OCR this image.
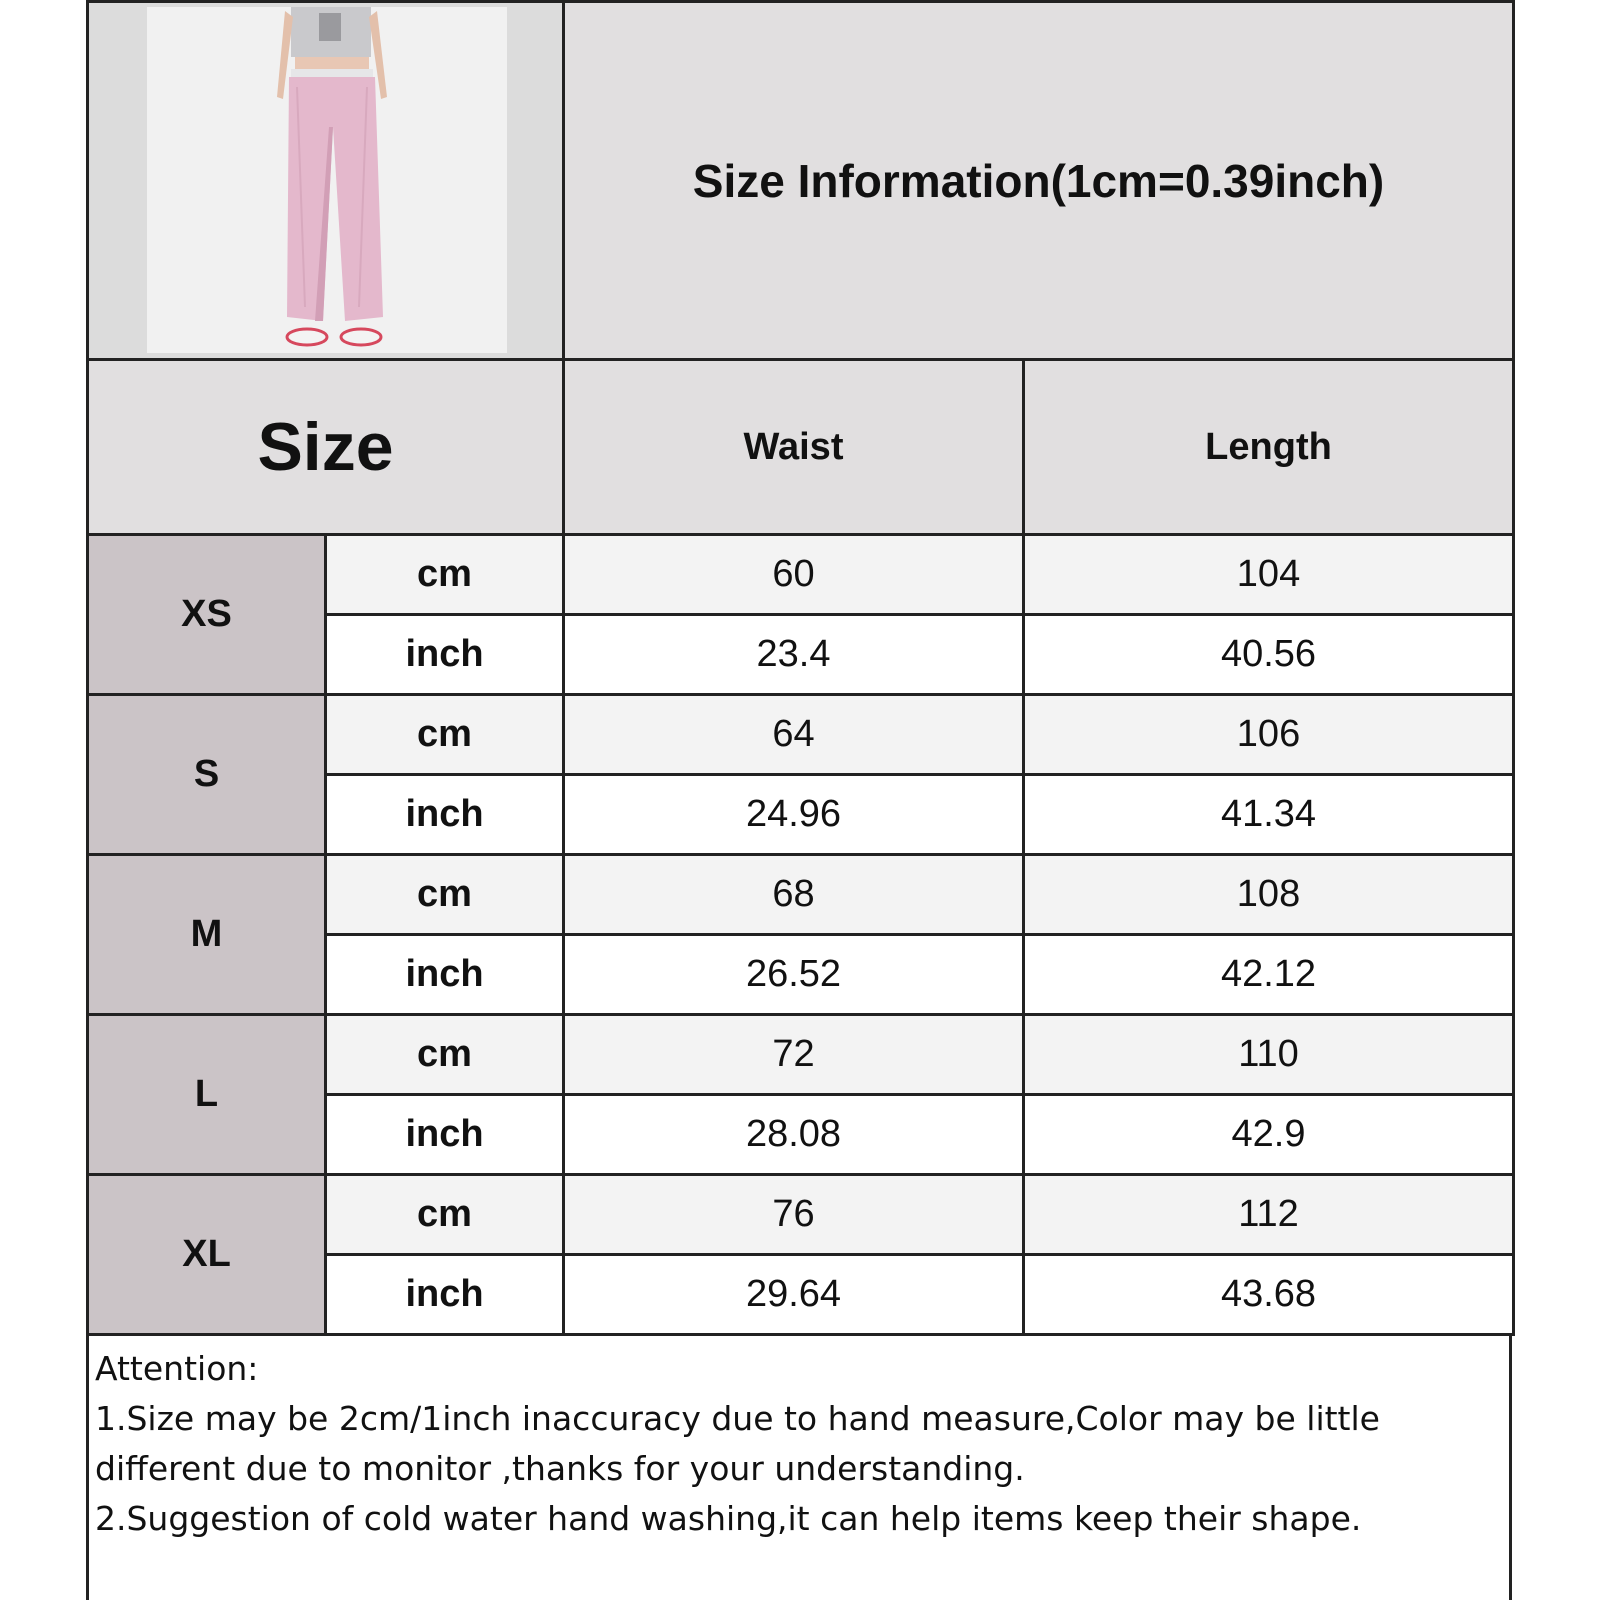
	Size Information(1cm=0.39inch)	
Size		Waist	Length
XS	cm	60	104
	inch	23.4	40.56
S	cm	64	106
	inch	24.96	41.34
M	cm	68	108
	inch	26.52	42.12
L	cm	72	110
	inch	28.08	42.9
XL	cm	76	112
	inch	29.64	43.68
Attention:
1.Size may be 2cm/1inch inaccuracy due to hand measure,Color may be little different due to monitor ,thanks for your understanding.
2.Suggestion of cold water hand washing,it can help items keep their shape.
